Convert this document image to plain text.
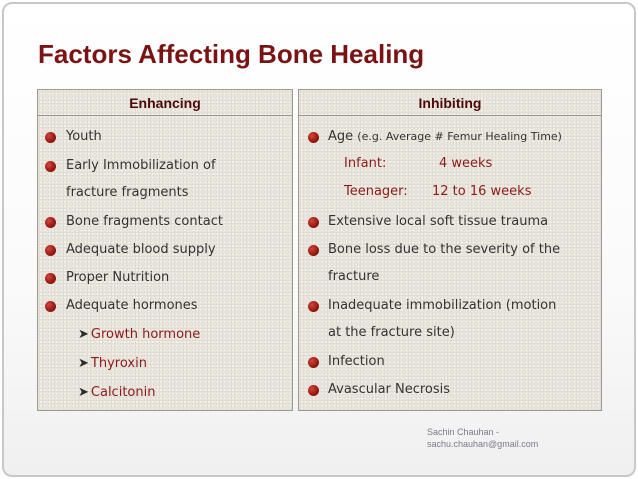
Factors Affecting Bone Healing
Enhancing
Youth
Early Immobilization of
fracture fragments
Bone fragments contact
Adequate blood supply
Proper Nutrition
Adequate hormones
➤ Growth hormone
➤ Thyroxin
➤ Calcitonin
Inhibiting
Age (e.g. Average # Femur Healing Time)
Infant:	4 weeks
Teenager: 12 to 16 weeks
Extensive local soft tissue trauma
Bone loss due to the severity of the
fracture
Inadequate immobilization (motion
at the fracture site)
Infection
Avascular Necrosis
Sachin Chauhan -
sachu.chauhan@gmail.com
